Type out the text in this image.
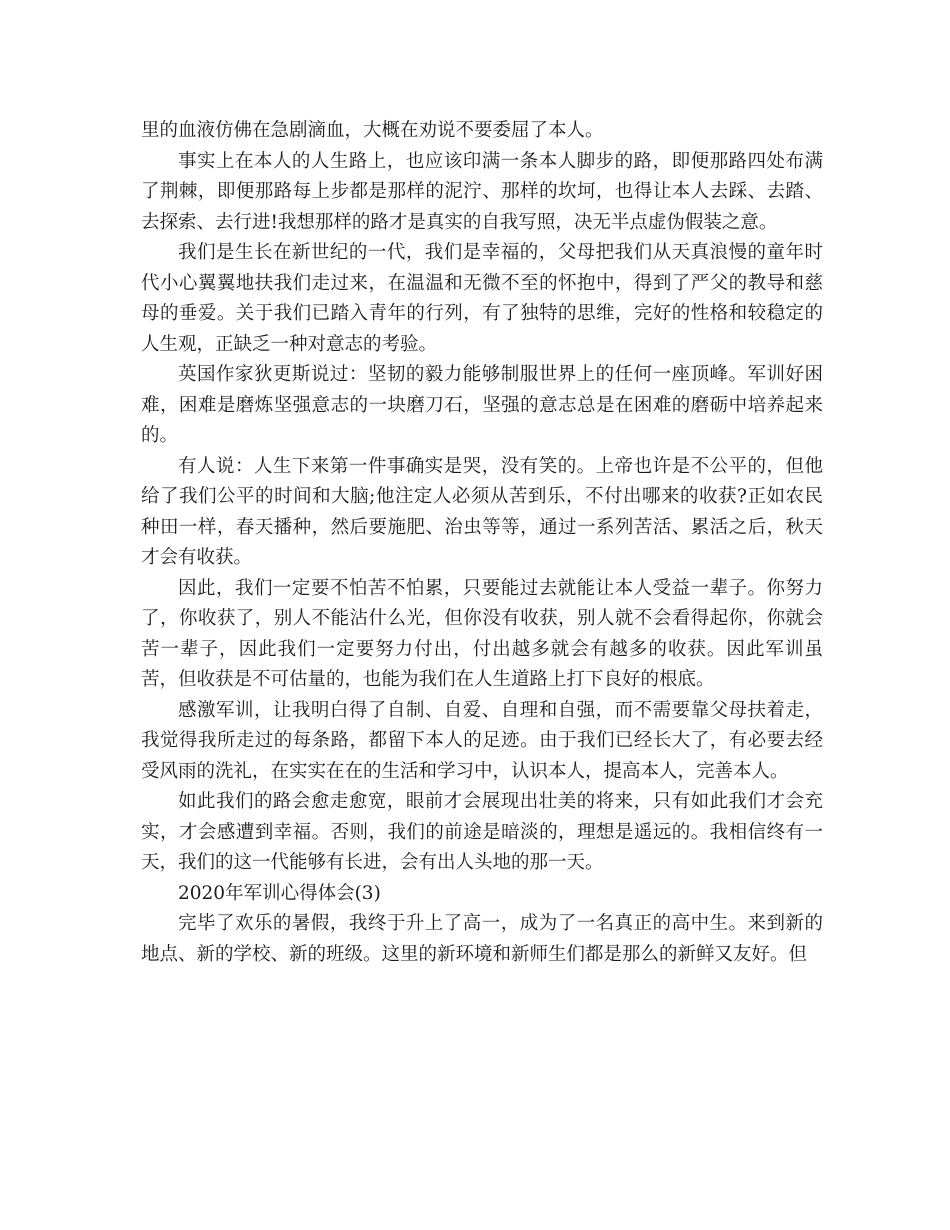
里的血液仿佛在急剧滴血，大概在劝说不要委屈了本人。

事实上在本人的人生路上，也应该印满一条本人脚步的路，即便那路四处布满了荆棘，即便那路每上步都是那样的泥泞、那样的坎坷，也得让本人去踩、去踏、去探索、去行进!我想那样的路才是真实的自我写照，决无半点虚伪假装之意。

我们是生长在新世纪的一代，我们是幸福的，父母把我们从天真浪慢的童年时代小心翼翼地扶我们走过来，在温温和无微不至的怀抱中，得到了严父的教导和慈母的垂爱。关于我们已踏入青年的行列，有了独特的思维，完好的性格和较稳定的人生观，正缺乏一种对意志的考验。

英国作家狄更斯说过：坚韧的毅力能够制服世界上的任何一座顶峰。军训好困难，困难是磨炼坚强意志的一块磨刀石，坚强的意志总是在困难的磨砺中培养起来的。

有人说：人生下来第一件事确实是哭，没有笑的。上帝也许是不公平的，但他给了我们公平的时间和大脑;他注定人必须从苦到乐，不付出哪来的收获?正如农民种田一样，春天播种，然后要施肥、治虫等等，通过一系列苦活、累活之后，秋天才会有收获。

因此，我们一定要不怕苦不怕累，只要能过去就能让本人受益一辈子。你努力了，你收获了，别人不能沾什么光，但你没有收获，别人就不会看得起你，你就会苦一辈子，因此我们一定要努力付出，付出越多就会有越多的收获。因此军训虽苦，但收获是不可估量的，也能为我们在人生道路上打下良好的根底。

感激军训，让我明白得了自制、自爱、自理和自强，而不需要靠父母扶着走，我觉得我所走过的每条路，都留下本人的足迹。由于我们已经长大了，有必要去经受风雨的洗礼，在实实在在的生活和学习中，认识本人，提高本人，完善本人。

如此我们的路会愈走愈宽，眼前才会展现出壮美的将来，只有如此我们才会充实，才会感遭到幸福。否则，我们的前途是暗淡的，理想是遥远的。我相信终有一天，我们的这一代能够有长进，会有出人头地的那一天。

2020年军训心得体会(3)

完毕了欢乐的暑假，我终于升上了高一，成为了一名真正的高中生。来到新的地点、新的学校、新的班级。这里的新环境和新师生们都是那么的新鲜又友好。但
